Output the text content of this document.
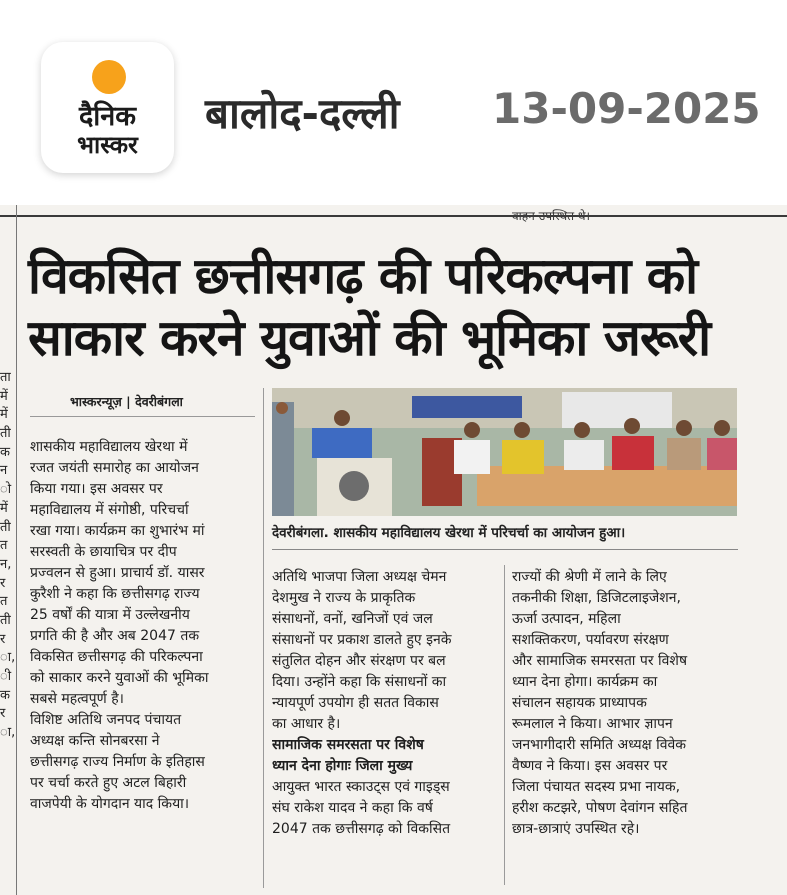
दैनिक
भास्कर
बालोद-दल्ली 13-09-2025
ता
में
में
ती
क
न
ो
में
ती
त
न,
र
त
ती
र
ा,
ी
क
र
ा,
विकसित छत्तीसगढ़ की परिकल्पना को
साकार करने युवाओं की भूमिका जरूरी
भास्करन्यूज़ | देवरीबंगला
शासकीय महाविद्यालय खेरथा में
रजत जयंती समारोह का आयोजन
किया गया। इस अवसर पर
महाविद्यालय में संगोष्ठी, परिचर्चा
रखा गया। कार्यक्रम का शुभारंभ मां
सरस्वती के छायाचित्र पर दीप
प्रज्वलन से हुआ। प्राचार्य डॉ. यासर
कुरैशी ने कहा कि छत्तीसगढ़ राज्य
25 वर्षों की यात्रा में उल्लेखनीय
प्रगति की है और अब 2047 तक
विकसित छत्तीसगढ़ की परिकल्पना
को साकार करने युवाओं की भूमिका
सबसे महत्वपूर्ण है।
विशिष्ट अतिथि जनपद पंचायत
अध्यक्ष कन्ति सोनबरसा ने
छत्तीसगढ़ राज्य निर्माण के इतिहास
पर चर्चा करते हुए अटल बिहारी
वाजपेयी के योगदान याद किया।
देवरीबंगला. शासकीय महाविद्यालय खेरथा में परिचर्चा का आयोजन हुआ।
अतिथि भाजपा जिला अध्यक्ष चेमन
देशमुख ने राज्य के प्राकृतिक
संसाधनों, वनों, खनिजों एवं जल
संसाधनों पर प्रकाश डालते हुए इनके
संतुलित दोहन और संरक्षण पर बल
दिया। उन्होंने कहा कि संसाधनों का
न्यायपूर्ण उपयोग ही सतत विकास
का आधार है।
सामाजिक समरसता पर विशेष
ध्यान देना होगाः जिला मुख्य
आयुक्त भारत स्काउट्स एवं गाइड्स
संघ राकेश यादव ने कहा कि वर्ष
2047 तक छत्तीसगढ़ को विकसित
राज्यों की श्रेणी में लाने के लिए
तकनीकी शिक्षा, डिजिटलाइजेशन,
ऊर्जा उत्पादन, महिला
सशक्तिकरण, पर्यावरण संरक्षण
और सामाजिक समरसता पर विशेष
ध्यान देना होगा। कार्यक्रम का
संचालन सहायक प्राध्यापक
रूमलाल ने किया। आभार ज्ञापन
जनभागीदारी समिति अध्यक्ष विवेक
वैष्णव ने किया। इस अवसर पर
जिला पंचायत सदस्य प्रभा नायक,
हरीश कटझरे, पोषण देवांगन सहित
छात्र-छात्राएं उपस्थित रहे।
